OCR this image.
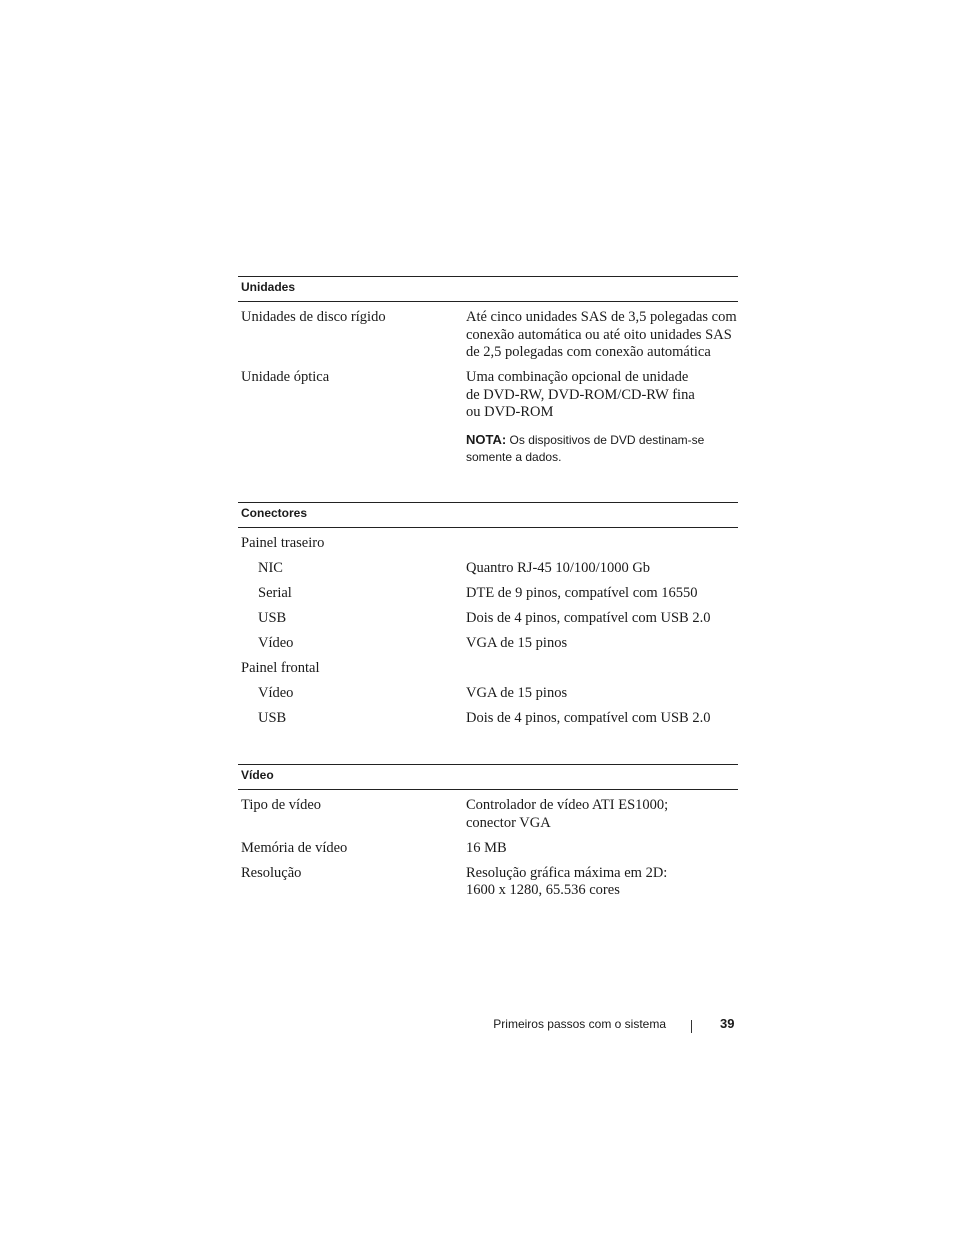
Unidades
Unidades de disco rígido	Até cinco unidades SAS de 3,5 polegadas com
conexão automática ou até oito unidades SAS
de 2,5 polegadas com conexão automática
Unidade óptica	Uma combinação opcional de unidade
de DVD-RW, DVD-ROM/CD-RW fina
ou DVD-ROM
NOTA: Os dispositivos de DVD destinam-se
somente a dados.
Conectores
Painel traseiro
NIC	Quantro RJ-45 10/100/1000 Gb
Serial	DTE de 9 pinos, compatível com 16550
USB	Dois de 4 pinos, compatível com USB 2.0
Vídeo	VGA de 15 pinos
Painel frontal
Vídeo	VGA de 15 pinos
USB	Dois de 4 pinos, compatível com USB 2.0
Vídeo
Tipo de vídeo	Controlador de vídeo ATI ES1000;
conector VGA
Memória de vídeo	16 MB
Resolução	Resolução gráfica máxima em 2D:
1600 x 1280, 65.536 cores
Primeiros passos com o sistema	39
